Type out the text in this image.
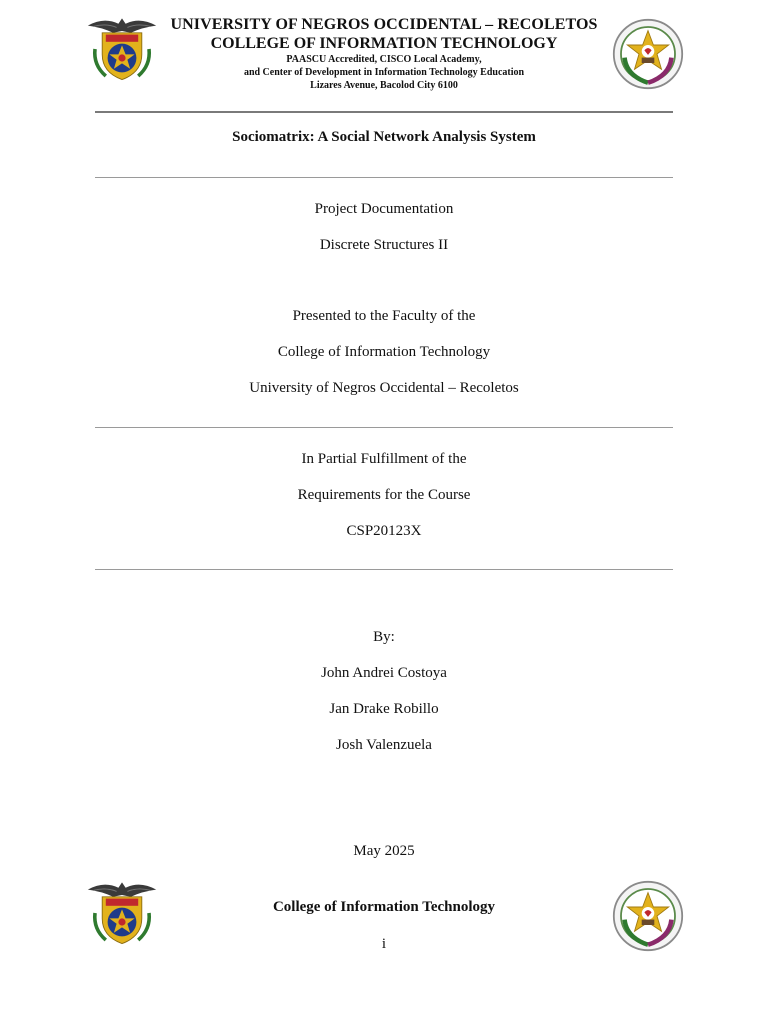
UNIVERSITY OF NEGROS OCCIDENTAL – RECOLETOS
COLLEGE OF INFORMATION TECHNOLOGY
PAASCU Accredited, CISCO Local Academy,
and Center of Development in Information Technology Education
Lizares Avenue, Bacolod City 6100
Sociomatrix: A Social Network Analysis System
Project Documentation
Discrete Structures II
Presented to the Faculty of the
College of Information Technology
University of Negros Occidental – Recoletos
In Partial Fulfillment of the
Requirements for the Course
CSP20123X
By:
John Andrei Costoya
Jan Drake Robillo
Josh Valenzuela
May 2025
College of Information Technology
i
